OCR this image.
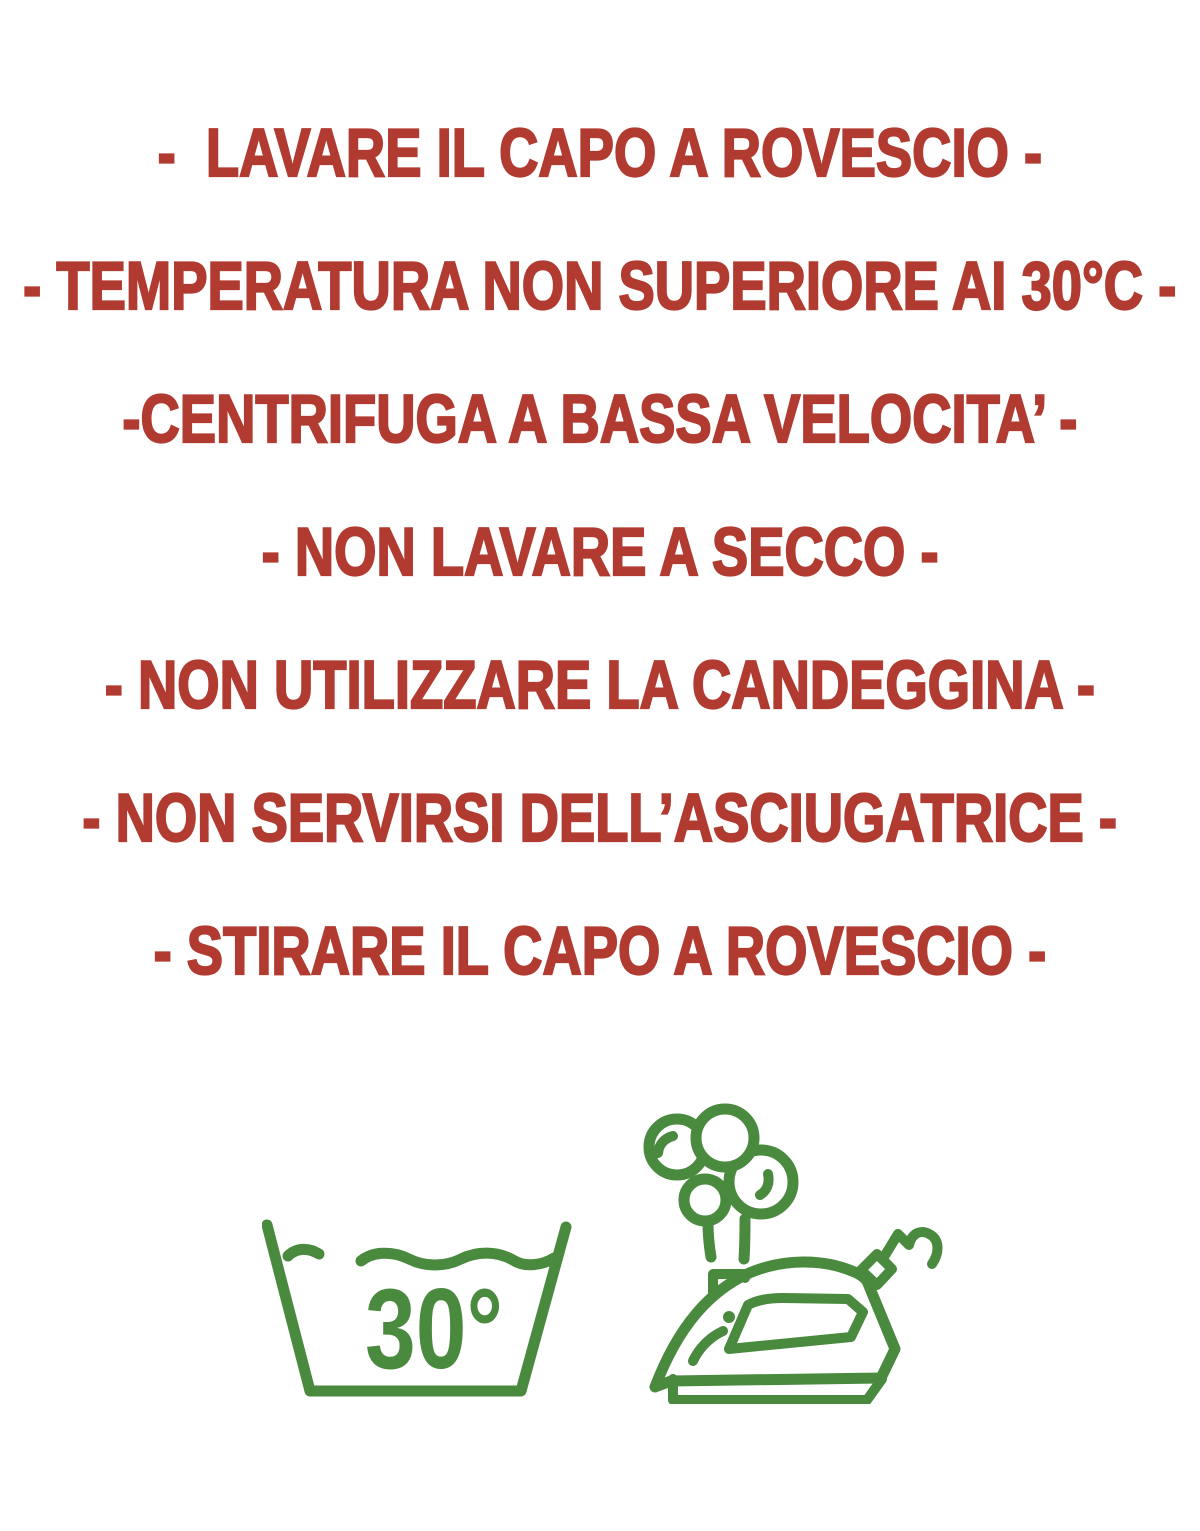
-  LAVARE IL CAPO A ROVESCIO -
- TEMPERATURA NON SUPERIORE AI 30°C -
-CENTRIFUGA A BASSA VELOCITA’ -
- NON LAVARE A SECCO -
- NON UTILIZZARE LA CANDEGGINA -
- NON SERVIRSI DELL’ASCIUGATRICE -
- STIRARE IL CAPO A ROVESCIO -
30°
